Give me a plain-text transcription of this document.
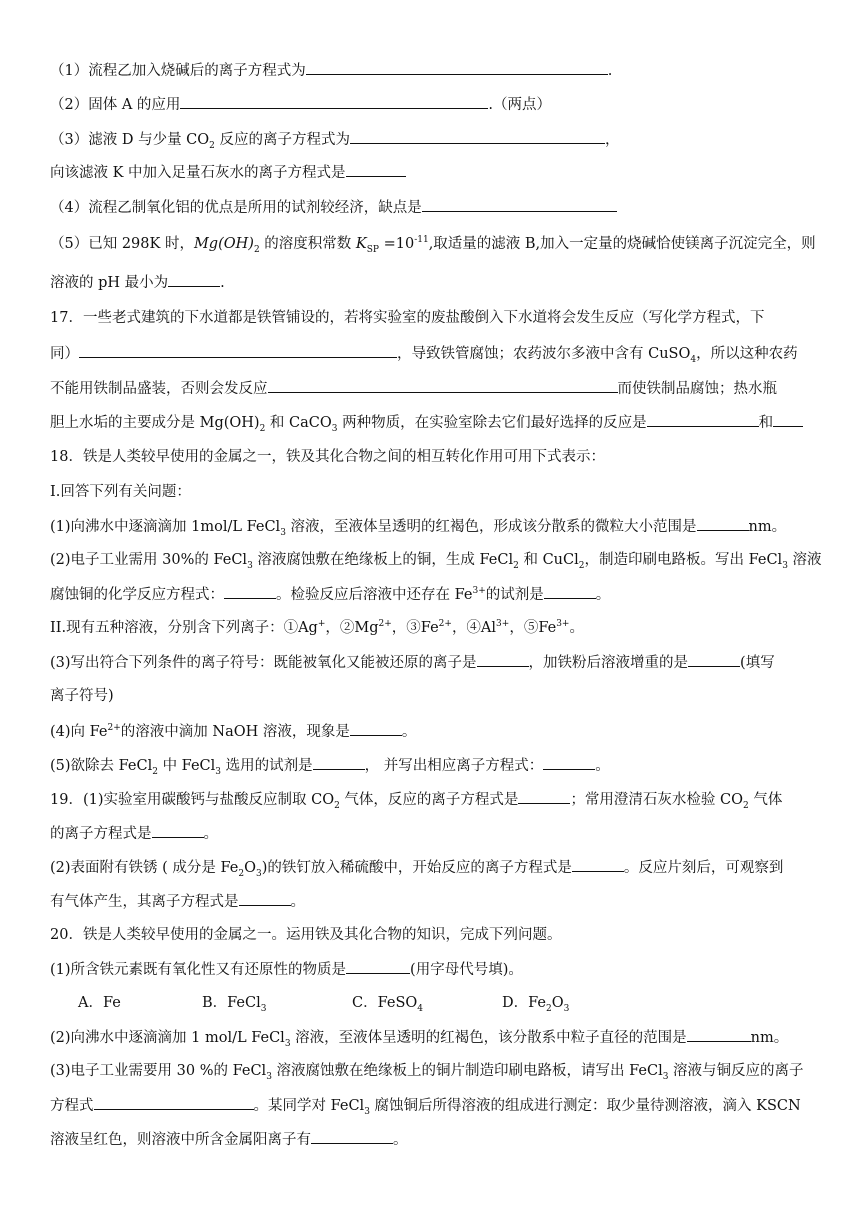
（1）流程乙加入烧碱后的离子方程式为	.
（2）固体 A 的应用	.（两点）
（3）滤液 D 与少量 $CO_2$ 反应的离子方程式为	，
向该滤液 K 中加入足量石灰水的离子方程式是
（4）流程乙制氧化铝的优点是所用的试剂较经济，缺点是
（5）已知 298K 时，$Mg(OH)_2$ 的溶度积常数 $K_{SP} =10^{-11}$,取适量的滤液 B,加入一定量的烧碱恰使镁离子沉淀完全，则
溶液的 pH 最小为	.
17．一些老式建筑的下水道都是铁管铺设的，若将实验室的废盐酸倒入下水道将会发生反应（写化学方程式，下
同）	，导致铁管腐蚀；农药波尔多液中含有 CuSO$_4$，所以这种农药
不能用铁制品盛装，否则会发反应	而使铁制品腐蚀；热水瓶
胆上水垢的主要成分是 $Mg(OH)_2$ 和 CaCO$_3$ 两种物质，在实验室除去它们最好选择的反应是	和
18．铁是人类较早使用的金属之一，铁及其化合物之间的相互转化作用可用下式表示：
I.回答下列有关问题：
(1)向沸水中逐滴滴加 1mol/L FeCl$_3$ 溶液，至液体呈透明的红褐色，形成该分散系的微粒大小范围是	nm。
(2)电子工业需用 30%的 FeCl$_3$ 溶液腐蚀敷在绝缘板上的铜，生成 FeCl$_2$ 和 CuCl$_2$，制造印刷电路板。写出 FeCl$_3$ 溶液
腐蚀铜的化学反应方程式：	。检验反应后溶液中还存在 $Fe^{3+}$的试剂是	。
II.现有五种溶液，分别含下列离子：①Ag+，$②Mg^{2+}$，$③Fe^{2+}$，$④Al^{3+}$，$⑤Fe^{3+}$。
(3)写出符合下列条件的离子符号：既能被氧化又能被还原的离子是	，加铁粉后溶液增重的是	(填写
离子符号)
(4)向 $Fe^{2+}$的溶液中滴加 NaOH 溶液，现象是	。
(5)欲除去 FeCl$_2$ 中 FeCl$_3$ 选用的试剂是	， 并写出相应离子方程式：	。
19．(1)实验室用碳酸钙与盐酸反应制取 $CO_2$ 气体，反应的离子方程式是	；常用澄清石灰水检验 $CO_2$ 气体
的离子方程式是	。
(2)表面附有铁锈 ( 成分是 $Fe_2O_3$)的铁钉放入稀硫酸中，开始反应的离子方程式是	。反应片刻后，可观察到
有气体产生，其离子方程式是	。
20．铁是人类较早使用的金属之一。运用铁及其化合物的知识，完成下列问题。
(1)所含铁元素既有氧化性又有还原性的物质是	(用字母代号填)。
A．Fe	B．FeCl$_3$	C．FeSO$_4$	D．$Fe_2O_3$
(2)向沸水中逐滴滴加 1 mol/L FeCl$_3$ 溶液，至液体呈透明的红褐色，该分散系中粒子直径的范围是	nm。
(3)电子工业需要用 30 %的 FeCl$_3$ 溶液腐蚀敷在绝缘板上的铜片制造印刷电路板，请写出 FeCl$_3$ 溶液与铜反应的离子
方程式	。某同学对 FeCl$_3$ 腐蚀铜后所得溶液的组成进行测定：取少量待测溶液，滴入 KSCN
溶液呈红色，则溶液中所含金属阳离子有	。
